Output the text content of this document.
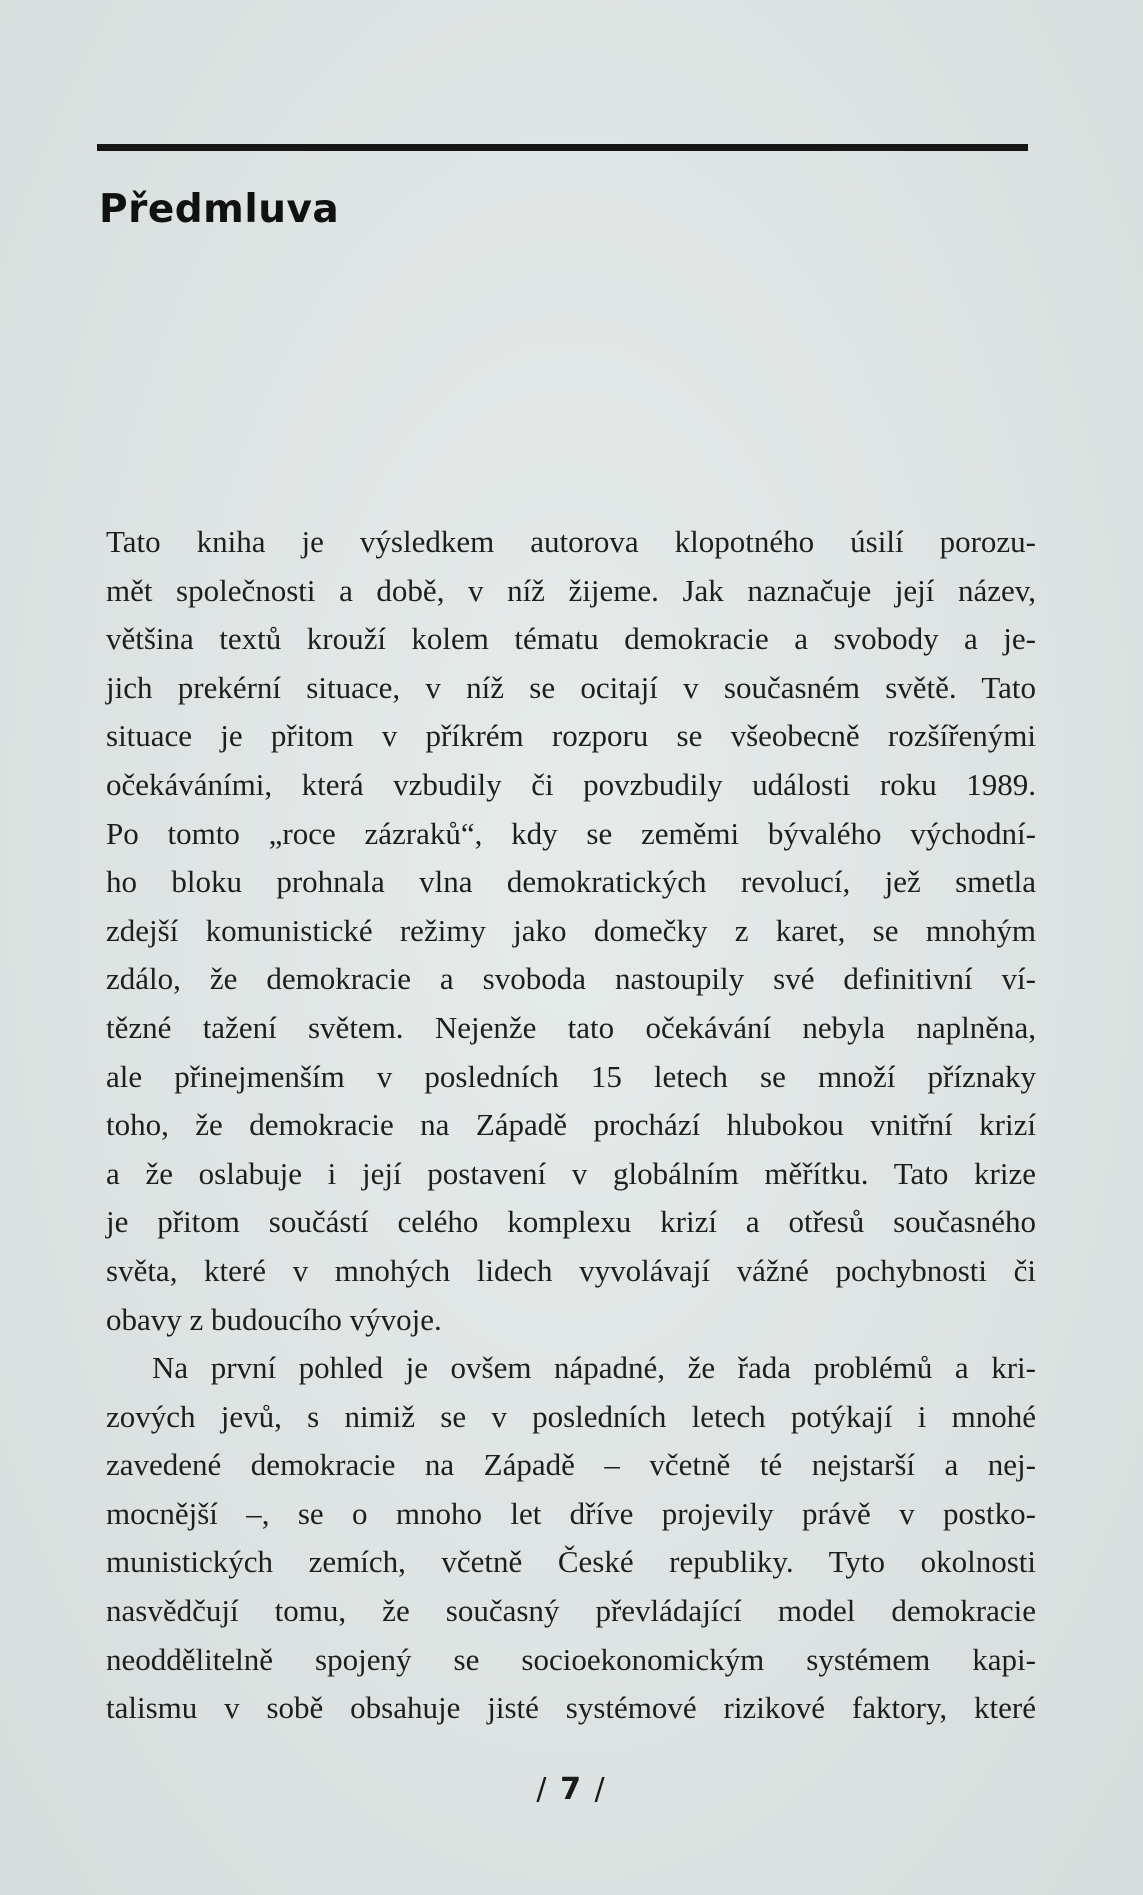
Předmluva
Tato kniha je výsledkem autorova klopotného úsilí porozu-
mět společnosti a době, v níž žijeme. Jak naznačuje její název,
většina textů krouží kolem tématu demokracie a svobody a je-
jich prekérní situace, v níž se ocitají v současném světě. Tato
situace je přitom v příkrém rozporu se všeobecně rozšířenými
očekáváními, která vzbudily či povzbudily události roku 1989.
Po tomto „roce zázraků“, kdy se zeměmi bývalého východní-
ho bloku prohnala vlna demokratických revolucí, jež smetla
zdejší komunistické režimy jako domečky z karet, se mnohým
zdálo, že demokracie a svoboda nastoupily své definitivní ví-
tězné tažení světem. Nejenže tato očekávání nebyla naplněna,
ale přinejmenším v posledních 15 letech se množí příznaky
toho, že demokracie na Západě prochází hlubokou vnitřní krizí
a že oslabuje i její postavení v globálním měřítku. Tato krize
je přitom součástí celého komplexu krizí a otřesů současného
světa, které v mnohých lidech vyvolávají vážné pochybnosti či
obavy z budoucího vývoje.
Na první pohled je ovšem nápadné, že řada problémů a kri-
zových jevů, s nimiž se v posledních letech potýkají i mnohé
zavedené demokracie na Západě – včetně té nejstarší a nej-
mocnější –, se o mnoho let dříve projevily právě v postko-
munistických zemích, včetně České republiky. Tyto okolnosti
nasvědčují tomu, že současný převládající model demokracie
neoddělitelně spojený se socioekonomickým systémem kapi-
talismu v sobě obsahuje jisté systémové rizikové faktory, které
/ 7 /
